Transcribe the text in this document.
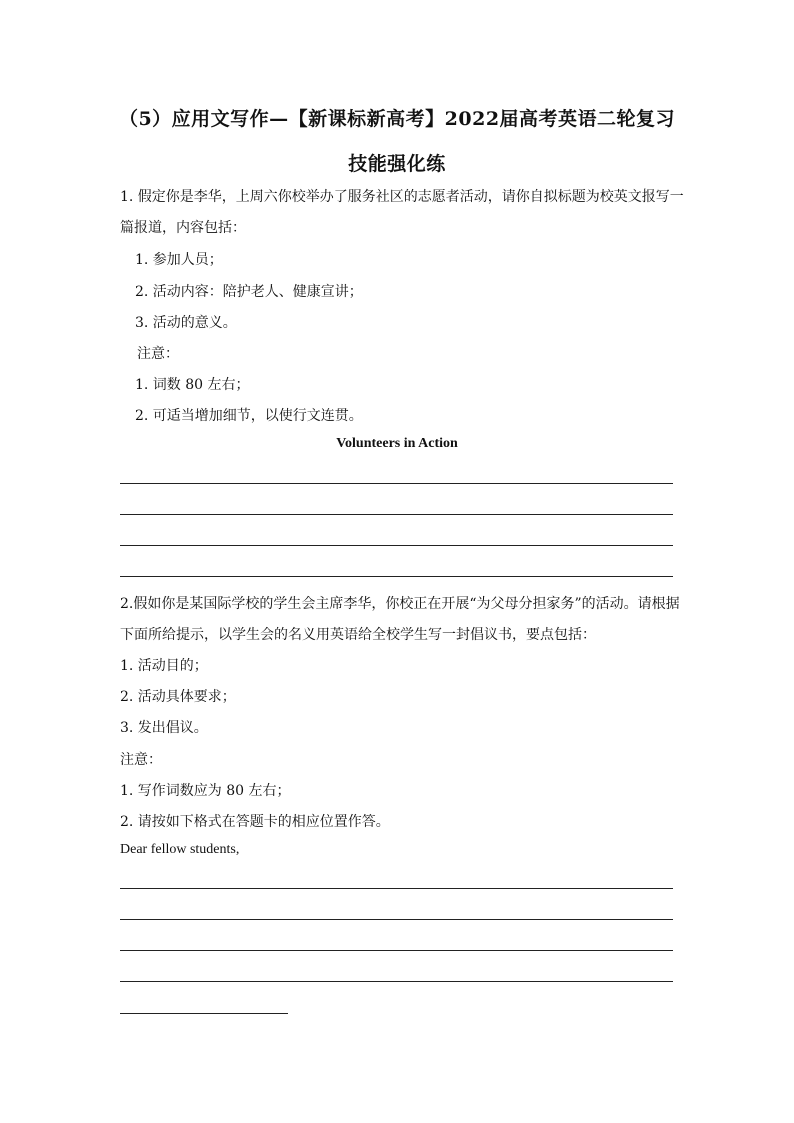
（5）应用文写作—【新课标新高考】2022届高考英语二轮复习
技能强化练
1. 假定你是李华，上周六你校举办了服务社区的志愿者活动，请你自拟标题为校英文报写一
篇报道，内容包括：
1. 参加人员；
2. 活动内容：陪护老人、健康宣讲；
3. 活动的意义。
注意：
1. 词数 80 左右；
2. 可适当增加细节，以使行文连贯。
Volunteers in Action
2.假如你是某国际学校的学生会主席李华，你校正在开展“为父母分担家务”的活动。请根据
下面所给提示，以学生会的名义用英语给全校学生写一封倡议书，要点包括：
1. 活动目的；
2. 活动具体要求；
3. 发出倡议。
注意：
1. 写作词数应为 80 左右；
2. 请按如下格式在答题卡的相应位置作答。
Dear fellow students,
